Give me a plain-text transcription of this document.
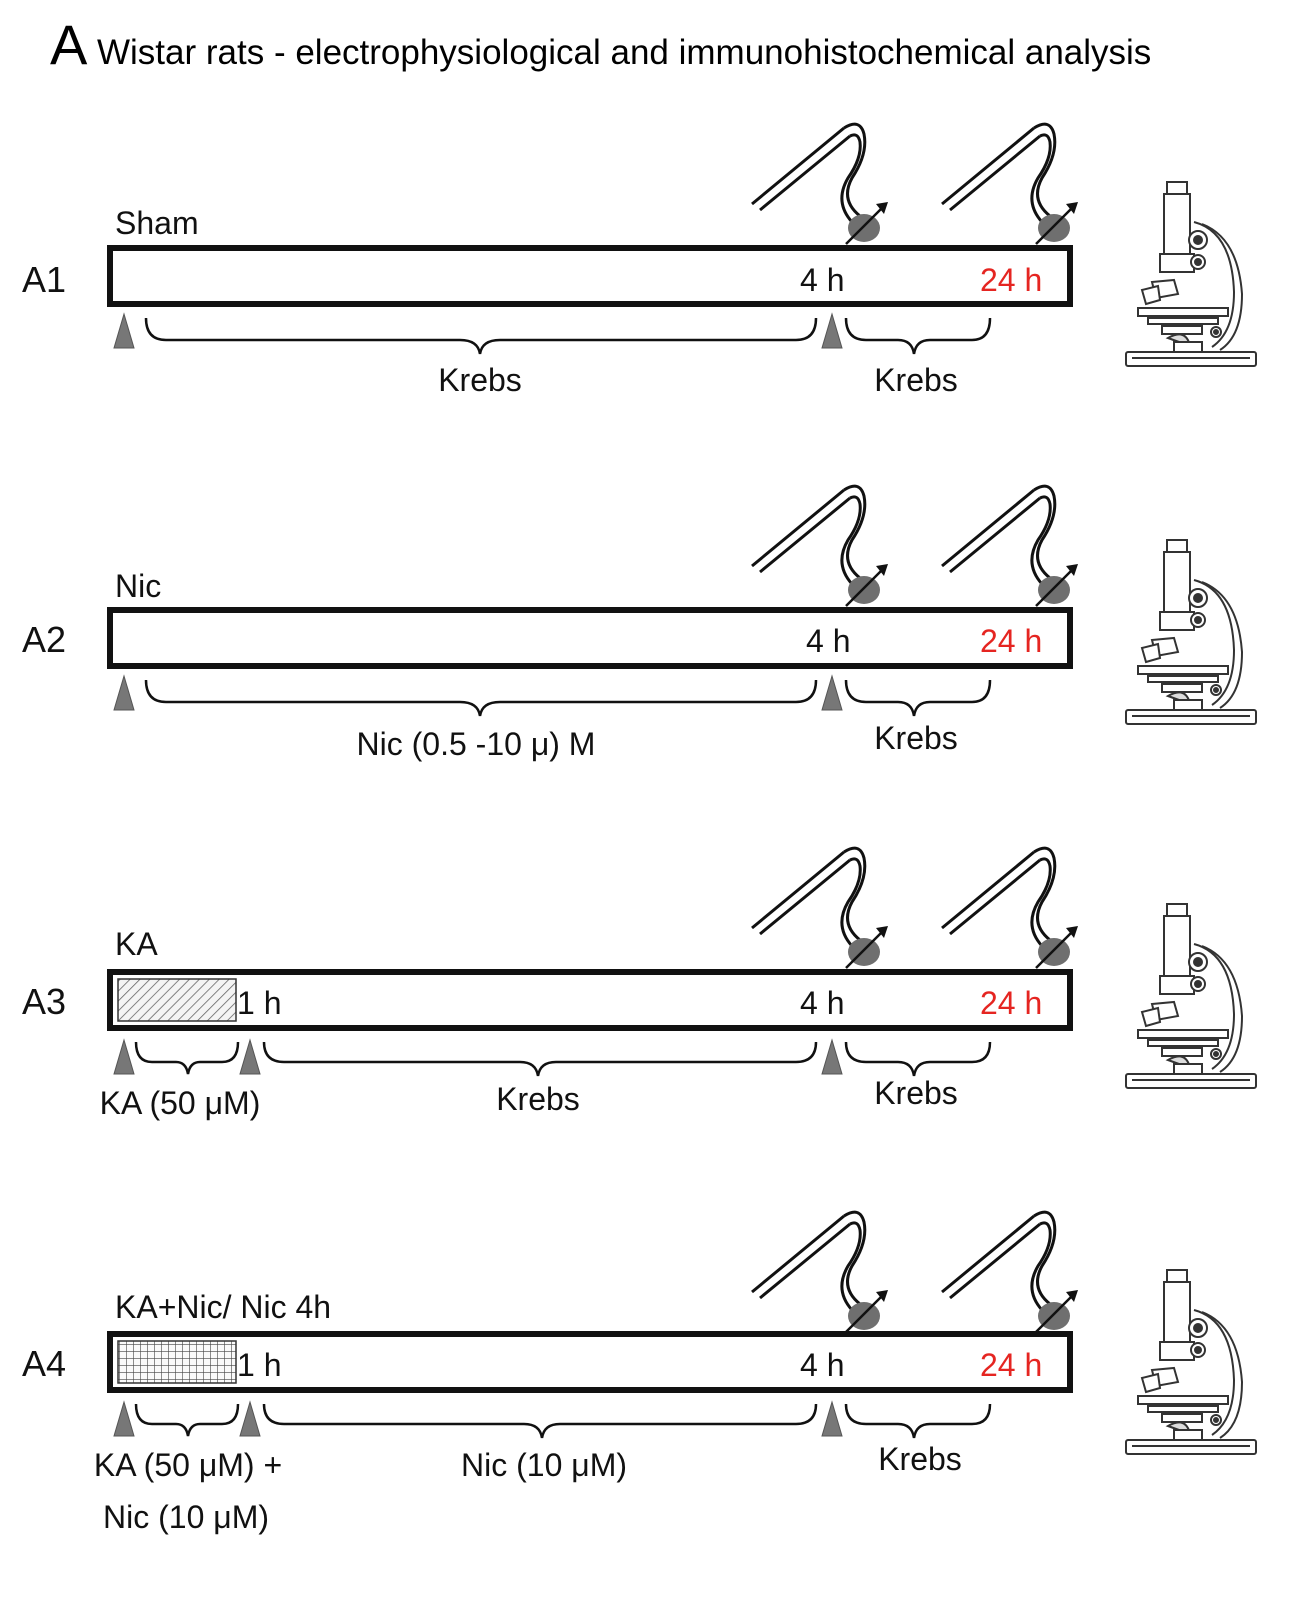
A Wistar rats - electrophysiological and immunohistochemical analysis
A1
Sham
4 h	24 h
Krebs	Krebs
A2
Nic
4 h	24 h
Nic (0.5 -10 μ) M	Krebs
A3
KA
1 h	4 h	24 h
KA (50 μM)	Krebs	Krebs
A4
KA+Nic/ Nic 4h
1 h	4 h	24 h
KA (50 μM) +
Nic (10 μM)
Nic (10 μM)	Krebs
